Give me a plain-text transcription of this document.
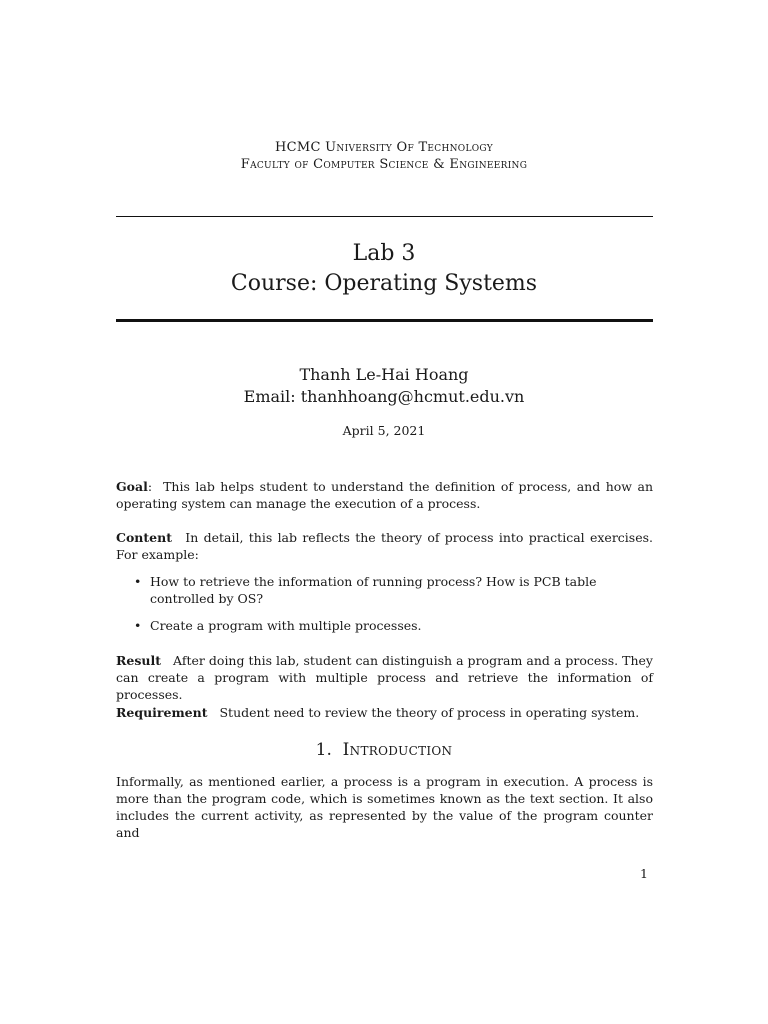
HCMC University Of Technology
Faculty of Computer Science & Engineering
Lab 3
Course: Operating Systems
Thanh Le-Hai Hoang
Email: thanhhoang@hcmut.edu.vn
April 5, 2021
Goal: This lab helps student to understand the definition of process, and how an operating system can manage the execution of a process.
Content In detail, this lab reflects the theory of process into practical exercises. For example:
• How to retrieve the information of running process? How is PCB table controlled by OS?
• Create a program with multiple processes.
Result After doing this lab, student can distinguish a program and a process. They can create a program with multiple process and retrieve the information of processes.
Requirement Student need to review the theory of process in operating system.
1. Introduction
Informally, as mentioned earlier, a process is a program in execution. A process is more than the program code, which is sometimes known as the text section. It also includes the current activity, as represented by the value of the program counter and
1
